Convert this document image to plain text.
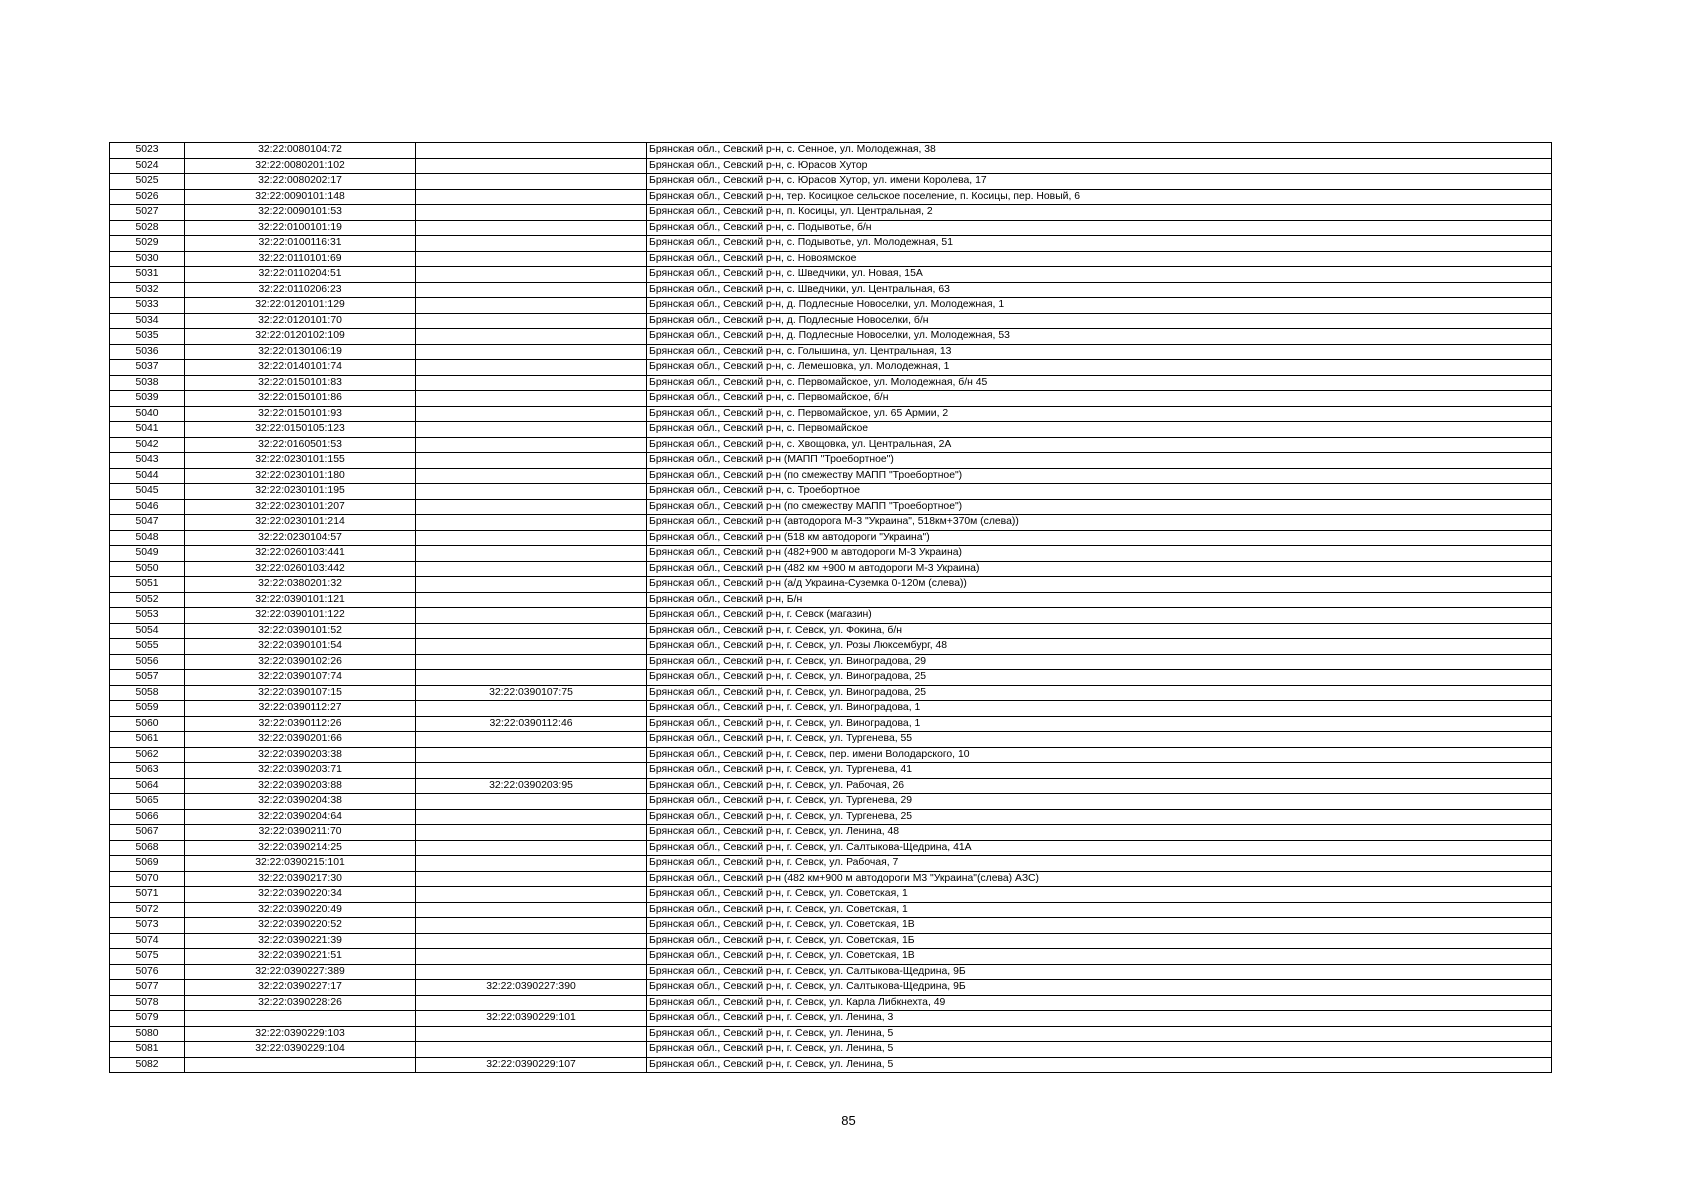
5023	32:22:0080104:72		Брянская обл., Севский р-н, с. Сенное, ул. Молодежная, 38
5024	32:22:0080201:102		Брянская обл., Севский р-н, с. Юрасов Хутор
5025	32:22:0080202:17		Брянская обл., Севский р-н, с. Юрасов Хутор, ул. имени Королева, 17
5026	32:22:0090101:148		Брянская обл., Севский р-н, тер. Косицкое сельское поселение, п. Косицы, пер. Новый, 6
5027	32:22:0090101:53		Брянская обл., Севский р-н, п. Косицы, ул. Центральная, 2
5028	32:22:0100101:19		Брянская обл., Севский р-н, с. Подывотье, б/н
5029	32:22:0100116:31		Брянская обл., Севский р-н, с. Подывотье, ул. Молодежная, 51
5030	32:22:0110101:69		Брянская обл., Севский р-н, с. Новоямское
5031	32:22:0110204:51		Брянская обл., Севский р-н, с. Шведчики, ул. Новая, 15А
5032	32:22:0110206:23		Брянская обл., Севский р-н, с. Шведчики, ул. Центральная, 63
5033	32:22:0120101:129		Брянская обл., Севский р-н, д. Подлесные Новоселки, ул. Молодежная, 1
5034	32:22:0120101:70		Брянская обл., Севский р-н, д. Подлесные Новоселки, б/н
5035	32:22:0120102:109		Брянская обл., Севский р-н, д. Подлесные Новоселки, ул. Молодежная, 53
5036	32:22:0130106:19		Брянская обл., Севский р-н, с. Голышина, ул. Центральная, 13
5037	32:22:0140101:74		Брянская обл., Севский р-н, с. Лемешовка, ул. Молодежная, 1
5038	32:22:0150101:83		Брянская обл., Севский р-н, с. Первомайское, ул. Молодежная, б/н 45
5039	32:22:0150101:86		Брянская обл., Севский р-н, с. Первомайское, б/н
5040	32:22:0150101:93		Брянская обл., Севский р-н, с. Первомайское, ул. 65 Армии, 2
5041	32:22:0150105:123		Брянская обл., Севский р-н, с. Первомайское
5042	32:22:0160501:53		Брянская обл., Севский р-н, с. Хвощовка, ул. Центральная, 2А
5043	32:22:0230101:155		Брянская обл., Севский р-н (МАПП "Троебортное")
5044	32:22:0230101:180		Брянская обл., Севский р-н (по смежеству МАПП "Троебортное")
5045	32:22:0230101:195		Брянская обл., Севский р-н, с. Троебортное
5046	32:22:0230101:207		Брянская обл., Севский р-н (по смежеству МАПП "Троебортное")
5047	32:22:0230101:214		Брянская обл., Севский р-н (автодорога М-3 "Украина", 518км+370м (слева))
5048	32:22:0230104:57		Брянская обл., Севский р-н (518 км автодороги "Украина")
5049	32:22:0260103:441		Брянская обл., Севский р-н (482+900 м автодороги М-3 Украина)
5050	32:22:0260103:442		Брянская обл., Севский р-н (482 км +900 м автодороги М-3 Украина)
5051	32:22:0380201:32		Брянская обл., Севский р-н (а/д Украина-Суземка 0-120м (слева))
5052	32:22:0390101:121		Брянская обл., Севский р-н, Б/н
5053	32:22:0390101:122		Брянская обл., Севский р-н, г. Севск (магазин)
5054	32:22:0390101:52		Брянская обл., Севский р-н, г. Севск, ул. Фокина, б/н
5055	32:22:0390101:54		Брянская обл., Севский р-н, г. Севск, ул. Розы Люксембург, 48
5056	32:22:0390102:26		Брянская обл., Севский р-н, г. Севск, ул. Виноградова, 29
5057	32:22:0390107:74		Брянская обл., Севский р-н, г. Севск, ул. Виноградова, 25
5058	32:22:0390107:15	32:22:0390107:75	Брянская обл., Севский р-н, г. Севск, ул. Виноградова, 25
5059	32:22:0390112:27		Брянская обл., Севский р-н, г. Севск, ул. Виноградова, 1
5060	32:22:0390112:26	32:22:0390112:46	Брянская обл., Севский р-н, г. Севск, ул. Виноградова, 1
5061	32:22:0390201:66		Брянская обл., Севский р-н, г. Севск, ул. Тургенева, 55
5062	32:22:0390203:38		Брянская обл., Севский р-н, г. Севск, пер. имени Володарского, 10
5063	32:22:0390203:71		Брянская обл., Севский р-н, г. Севск, ул. Тургенева, 41
5064	32:22:0390203:88	32:22:0390203:95	Брянская обл., Севский р-н, г. Севск, ул. Рабочая, 26
5065	32:22:0390204:38		Брянская обл., Севский р-н, г. Севск, ул. Тургенева, 29
5066	32:22:0390204:64		Брянская обл., Севский р-н, г. Севск, ул. Тургенева, 25
5067	32:22:0390211:70		Брянская обл., Севский р-н, г. Севск, ул. Ленина, 48
5068	32:22:0390214:25		Брянская обл., Севский р-н, г. Севск, ул. Салтыкова-Щедрина, 41А
5069	32:22:0390215:101		Брянская обл., Севский р-н, г. Севск, ул. Рабочая, 7
5070	32:22:0390217:30		Брянская обл., Севский р-н (482 км+900 м автодороги М3 "Украина"(слева) АЗС)
5071	32:22:0390220:34		Брянская обл., Севский р-н, г. Севск, ул. Советская, 1
5072	32:22:0390220:49		Брянская обл., Севский р-н, г. Севск, ул. Советская, 1
5073	32:22:0390220:52		Брянская обл., Севский р-н, г. Севск, ул. Советская, 1В
5074	32:22:0390221:39		Брянская обл., Севский р-н, г. Севск, ул. Советская, 1Б
5075	32:22:0390221:51		Брянская обл., Севский р-н, г. Севск, ул. Советская, 1В
5076	32:22:0390227:389		Брянская обл., Севский р-н, г. Севск, ул. Салтыкова-Щедрина, 9Б
5077	32:22:0390227:17	32:22:0390227:390	Брянская обл., Севский р-н, г. Севск, ул. Салтыкова-Щедрина, 9Б
5078	32:22:0390228:26		Брянская обл., Севский р-н, г. Севск, ул. Карла Либкнехта, 49
5079		32:22:0390229:101	Брянская обл., Севский р-н, г. Севск, ул. Ленина, 3
5080	32:22:0390229:103		Брянская обл., Севский р-н, г. Севск, ул. Ленина, 5
5081	32:22:0390229:104		Брянская обл., Севский р-н, г. Севск, ул. Ленина, 5
5082		32:22:0390229:107	Брянская обл., Севский р-н, г. Севск, ул. Ленина, 5
85
